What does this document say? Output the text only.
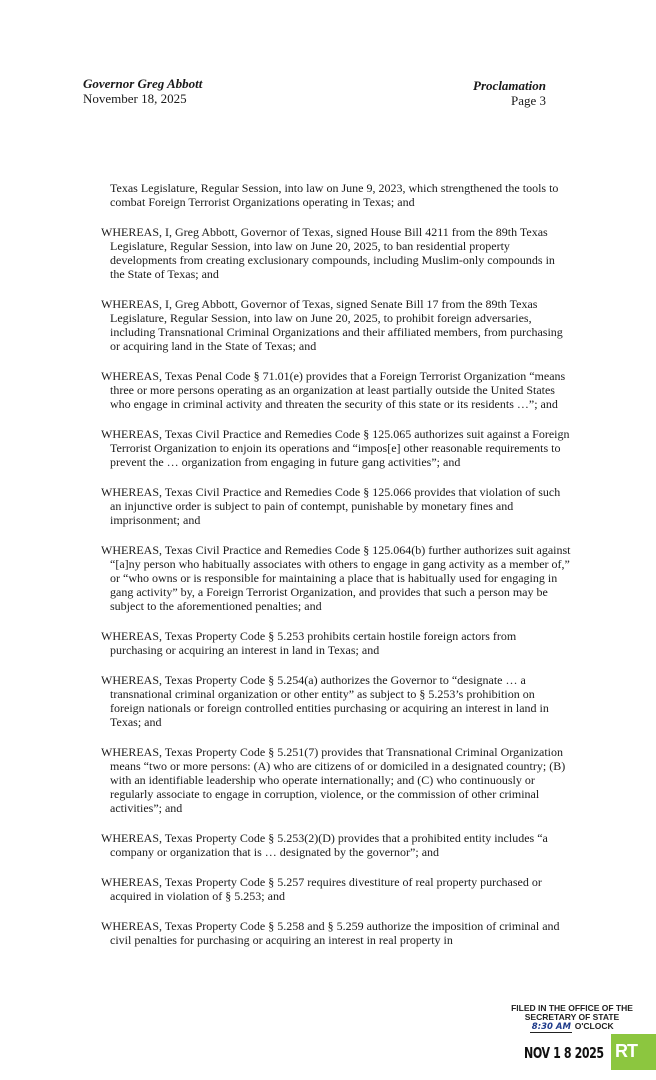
Governor Greg Abbott
November 18, 2025
Proclamation
Page 3

Texas Legislature, Regular Session, into law on June 9, 2023, which strengthened the tools to combat Foreign Terrorist Organizations operating in Texas; and

WHEREAS, I, Greg Abbott, Governor of Texas, signed House Bill 4211 from the 89th Texas Legislature, Regular Session, into law on June 20, 2025, to ban residential property developments from creating exclusionary compounds, including Muslim-only compounds in the State of Texas; and

WHEREAS, I, Greg Abbott, Governor of Texas, signed Senate Bill 17 from the 89th Texas Legislature, Regular Session, into law on June 20, 2025, to prohibit foreign adversaries, including Transnational Criminal Organizations and their affiliated members, from purchasing or acquiring land in the State of Texas; and

WHEREAS, Texas Penal Code § 71.01(e) provides that a Foreign Terrorist Organization “means three or more persons operating as an organization at least partially outside the United States who engage in criminal activity and threaten the security of this state or its residents …”; and

WHEREAS, Texas Civil Practice and Remedies Code § 125.065 authorizes suit against a Foreign Terrorist Organization to enjoin its operations and “impos[e] other reasonable requirements to prevent the … organization from engaging in future gang activities”; and

WHEREAS, Texas Civil Practice and Remedies Code § 125.066 provides that violation of such an injunctive order is subject to pain of contempt, punishable by monetary fines and imprisonment; and

WHEREAS, Texas Civil Practice and Remedies Code § 125.064(b) further authorizes suit against “[a]ny person who habitually associates with others to engage in gang activity as a member of,” or “who owns or is responsible for maintaining a place that is habitually used for engaging in gang activity” by, a Foreign Terrorist Organization, and provides that such a person may be subject to the aforementioned penalties; and

WHEREAS, Texas Property Code § 5.253 prohibits certain hostile foreign actors from purchasing or acquiring an interest in land in Texas; and

WHEREAS, Texas Property Code § 5.254(a) authorizes the Governor to “designate … a transnational criminal organization or other entity” as subject to § 5.253’s prohibition on foreign nationals or foreign controlled entities purchasing or acquiring an interest in land in Texas; and

WHEREAS, Texas Property Code § 5.251(7) provides that Transnational Criminal Organization means “two or more persons: (A) who are citizens of or domiciled in a designated country; (B) with an identifiable leadership who operate internationally; and (C) who continuously or regularly associate to engage in corruption, violence, or the commission of other criminal activities”; and

WHEREAS, Texas Property Code § 5.253(2)(D) provides that a prohibited entity includes “a company or organization that is … designated by the governor”; and

WHEREAS, Texas Property Code § 5.257 requires divestiture of real property purchased or acquired in violation of § 5.253; and

WHEREAS, Texas Property Code § 5.258 and § 5.259 authorize the imposition of criminal and civil penalties for purchasing or acquiring an interest in real property in

FILED IN THE OFFICE OF THE
SECRETARY OF STATE
8:30 AM O'CLOCK
NOV 1 8 2025 RT
